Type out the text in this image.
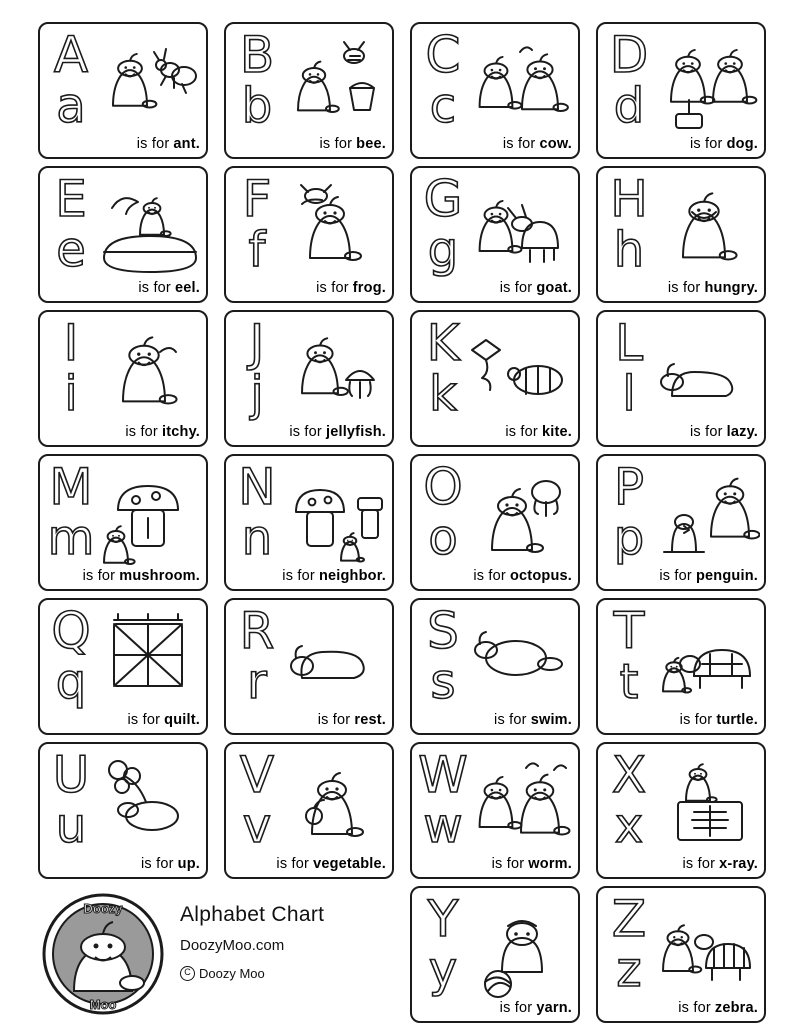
A
a
is for ant.
B
b
is for bee.
C
c
is for cow.
D
d
is for dog.
E
e
is for eel.
F
f
is for frog.
G
g
is for goat.
H
h
is for hungry.
I
i
is for itchy.
J
j
is for jellyfish.
K
k
is for kite.
L
l
is for lazy.
M
m
is for mushroom.
N
n
is for neighbor.
O
o
is for octopus.
P
p
is for penguin.
Q
q
is for quilt.
R
r
is for rest.
S
s
is for swim.
T
t
is for turtle.
U
u
is for up.
V
v
is for vegetable.
W
w
is for worm.
X
x
is for x-ray.
Y
y
is for yarn.
Z
z
is for zebra.
Doozy
Moo

Alphabet Chart

DoozyMoo.com

C Doozy Moo
